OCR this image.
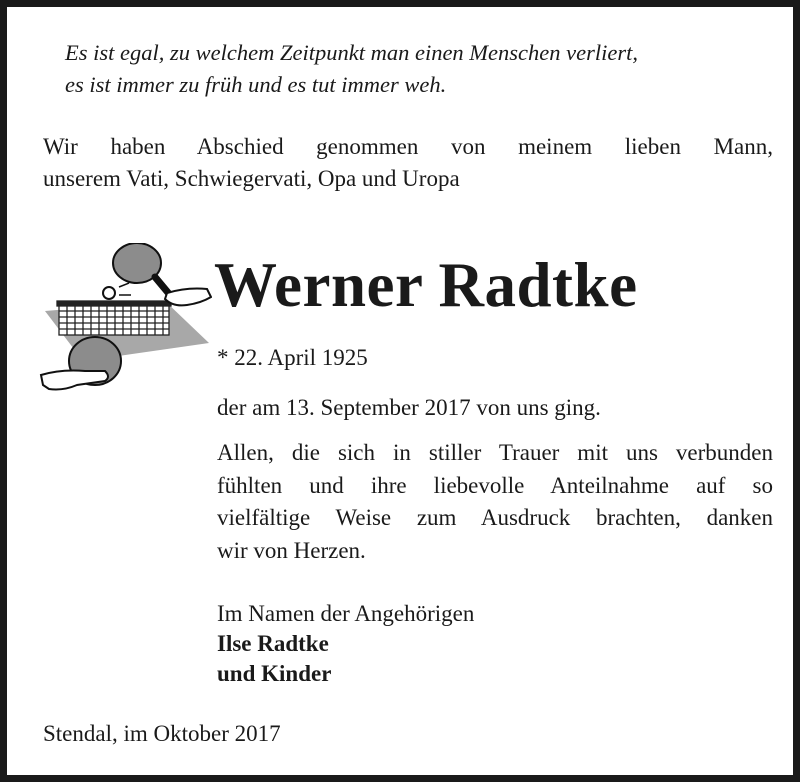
Es ist egal, zu welchem Zeitpunkt man einen Menschen verliert,
es ist immer zu früh und es tut immer weh.
Wir haben Abschied genommen von meinem lieben Mann,
unserem Vati, Schwiegervati, Opa und Uropa
Werner Radtke
* 22. April 1925
der am 13. September 2017 von uns ging.
Allen, die sich in stiller Trauer mit uns verbunden
fühlten und ihre liebevolle Anteilnahme auf so
vielfältige Weise zum Ausdruck brachten, danken
wir von Herzen.
Im Namen der Angehörigen
Ilse Radtke
und Kinder
Stendal, im Oktober 2017
